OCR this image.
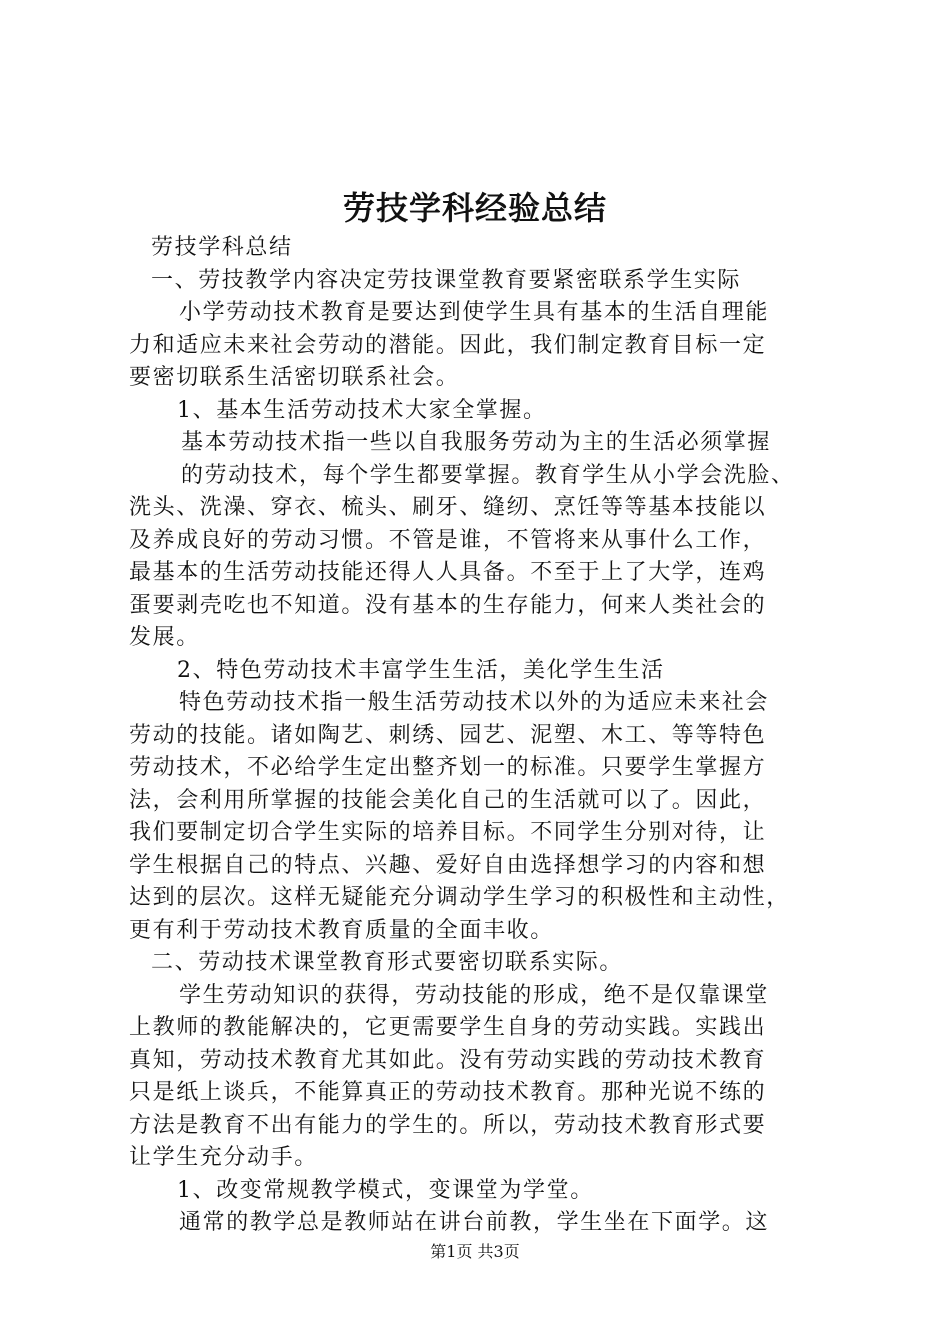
劳技学科经验总结
劳技学科总结
一、劳技教学内容决定劳技课堂教育要紧密联系学生实际
小学劳动技术教育是要达到使学生具有基本的生活自理能
力和适应未来社会劳动的潜能。因此，我们制定教育目标一定
要密切联系生活密切联系社会。
1、基本生活劳动技术大家全掌握。
基本劳动技术指一些以自我服务劳动为主的生活必须掌握
的劳动技术，每个学生都要掌握。教育学生从小学会洗脸、
洗头、洗澡、穿衣、梳头、刷牙、缝纫、烹饪等等基本技能以
及养成良好的劳动习惯。不管是谁，不管将来从事什么工作，
最基本的生活劳动技能还得人人具备。不至于上了大学，连鸡
蛋要剥壳吃也不知道。没有基本的生存能力，何来人类社会的
发展。
2、特色劳动技术丰富学生生活，美化学生生活
特色劳动技术指一般生活劳动技术以外的为适应未来社会
劳动的技能。诸如陶艺、刺绣、园艺、泥塑、木工、等等特色
劳动技术，不必给学生定出整齐划一的标准。只要学生掌握方
法，会利用所掌握的技能会美化自己的生活就可以了。因此，
我们要制定切合学生实际的培养目标。不同学生分别对待，让
学生根据自己的特点、兴趣、爱好自由选择想学习的内容和想
达到的层次。这样无疑能充分调动学生学习的积极性和主动性，
更有利于劳动技术教育质量的全面丰收。
二、劳动技术课堂教育形式要密切联系实际。
学生劳动知识的获得，劳动技能的形成，绝不是仅靠课堂
上教师的教能解决的，它更需要学生自身的劳动实践。实践出
真知，劳动技术教育尤其如此。没有劳动实践的劳动技术教育
只是纸上谈兵，不能算真正的劳动技术教育。那种光说不练的
方法是教育不出有能力的学生的。所以，劳动技术教育形式要
让学生充分动手。
1、改变常规教学模式，变课堂为学堂。
通常的教学总是教师站在讲台前教，学生坐在下面学。这
第1页 共3页
